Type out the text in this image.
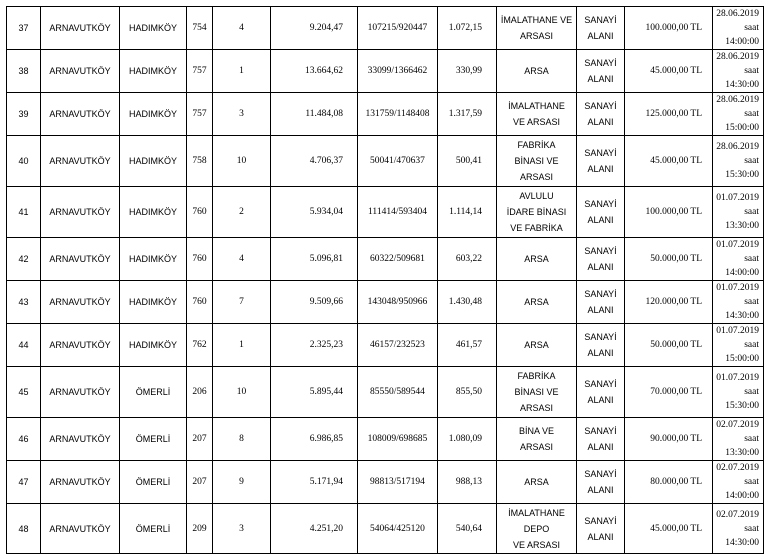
37	ARNAVUTKÖY	HADIMKÖY	754	4	9.204,47	107215/920447	1.072,15	İMALATHANE VE
ARSASI	SANAYİ
ALANI	100.000,00 TL	28.06.2019
saat 14:00:00

38	ARNAVUTKÖY	HADIMKÖY	757	1	13.664,62	33099/1366462	330,99	ARSA	SANAYİ
ALANI	45.000,00 TL	28.06.2019
saat 14:30:00

39	ARNAVUTKÖY	HADIMKÖY	757	3	11.484,08	131759/1148408	1.317,59	İMALATHANE
VE ARSASI	SANAYİ
ALANI	125.000,00 TL	28.06.2019
saat 15:00:00

40	ARNAVUTKÖY	HADIMKÖY	758	10	4.706,37	50041/470637	500,41	FABRİKA
BİNASI VE
ARSASI	SANAYİ
ALANI	45.000,00 TL	28.06.2019
saat 15:30:00

41	ARNAVUTKÖY	HADIMKÖY	760	2	5.934,04	111414/593404	1.114,14	AVLULU
İDARE BİNASI
VE FABRİKA	SANAYİ
ALANI	100.000,00 TL	01.07.2019
saat 13:30:00

42	ARNAVUTKÖY	HADIMKÖY	760	4	5.096,81	60322/509681	603,22	ARSA	SANAYİ
ALANI	50.000,00 TL	01.07.2019
saat 14:00:00

43	ARNAVUTKÖY	HADIMKÖY	760	7	9.509,66	143048/950966	1.430,48	ARSA	SANAYİ
ALANI	120.000,00 TL	01.07.2019
saat 14:30:00

44	ARNAVUTKÖY	HADIMKÖY	762	1	2.325,23	46157/232523	461,57	ARSA	SANAYİ
ALANI	50.000,00 TL	01.07.2019
saat 15:00:00

45	ARNAVUTKÖY	ÖMERLİ	206	10	5.895,44	85550/589544	855,50	FABRİKA
BİNASI VE
ARSASI	SANAYİ
ALANI	70.000,00 TL	01.07.2019
saat 15:30:00

46	ARNAVUTKÖY	ÖMERLİ	207	8	6.986,85	108009/698685	1.080,09	BİNA VE
ARSASI	SANAYİ
ALANI	90.000,00 TL	02.07.2019
saat 13:30:00

47	ARNAVUTKÖY	ÖMERLİ	207	9	5.171,94	98813/517194	988,13	ARSA	SANAYİ
ALANI	80.000,00 TL	02.07.2019
saat 14:00:00

48	ARNAVUTKÖY	ÖMERLİ	209	3	4.251,20	54064/425120	540,64	İMALATHANE
DEPO
VE ARSASI	SANAYİ
ALANI	45.000,00 TL	02.07.2019
saat 14:30:00
